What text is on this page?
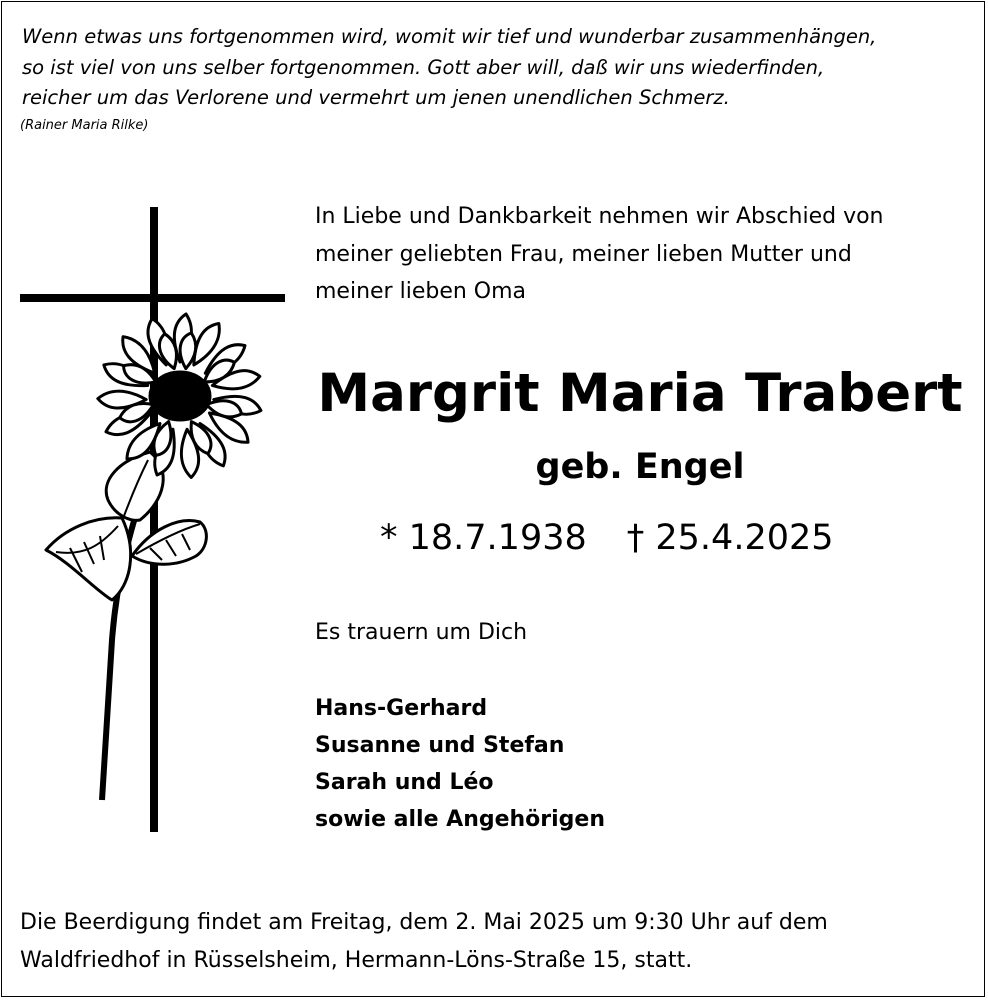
Wenn etwas uns fortgenommen wird, womit wir tief und wunderbar zusammenhängen,
so ist viel von uns selber fortgenommen. Gott aber will, daß wir uns wiederfinden,
reicher um das Verlorene und vermehrt um jenen unendlichen Schmerz.
(Rainer Maria Rilke)
In Liebe und Dankbarkeit nehmen wir Abschied von
meiner geliebten Frau, meiner lieben Mutter und
meiner lieben Oma
Margrit Maria Trabert
geb. Engel
* 18.7.1938 † 25.4.2025
Es trauern um Dich
Hans-Gerhard
Susanne und Stefan
Sarah und Léo
sowie alle Angehörigen
Die Beerdigung findet am Freitag, dem 2. Mai 2025 um 9:30 Uhr auf dem
Waldfriedhof in Rüsselsheim, Hermann-Löns-Straße 15, statt.
